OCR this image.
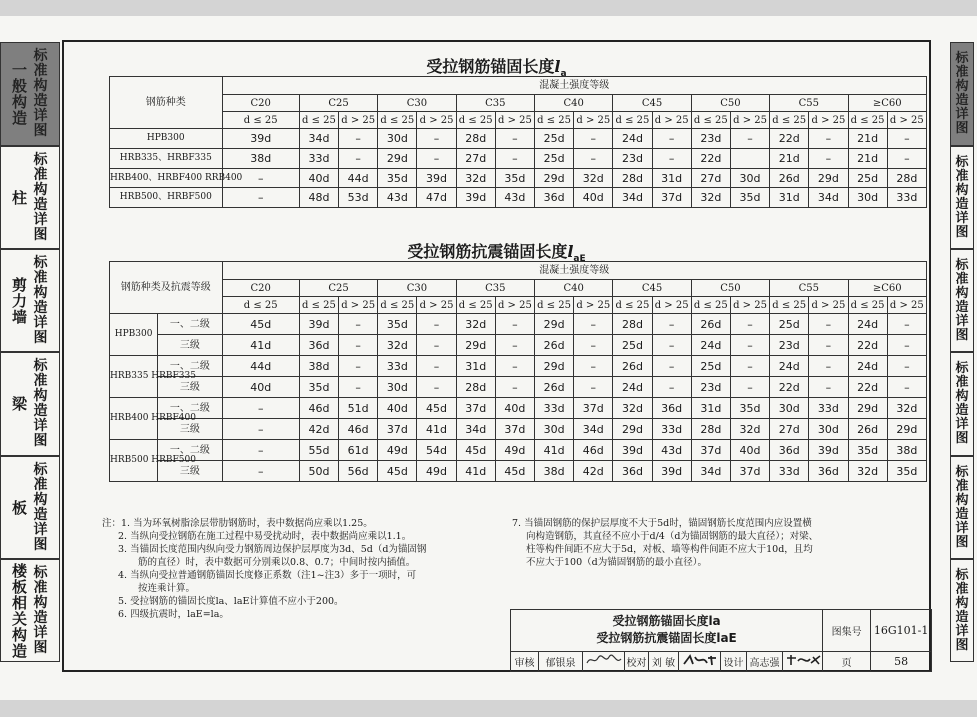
一般构造
标准构造详图
柱
标准构造详图
剪力墙
标准构造详图
梁
标准构造详图
板
标准构造详图
楼板相关构造
标准构造详图
标准构造详图
标准构造详图
标准构造详图
标准构造详图
标准构造详图
标准构造详图
受拉钢筋锚固长度$l_a$
钢筋种类	混凝土强度等级																
	C20	C25		C30		C35		C40		C45		C50		C55		≥C60	
	d ≤ 25	d ≤ 25	d > 25	d ≤ 25	d > 25	d ≤ 25	d > 25	d ≤ 25	d > 25	d ≤ 25	d > 25	d ≤ 25	d > 25	d ≤ 25	d > 25	d ≤ 25	d > 25
HPB300	39d	34d	–	30d	–	28d	–	25d	–	24d	–	23d	–	22d	–	21d	–
HRB335、HRBF335	38d	33d	–	29d	–	27d	–	25d	–	23d	–	22d		21d	–	21d	–
HRB400、HRBF400 RRB400	–	40d	44d	35d	39d	32d	35d	29d	32d	28d	31d	27d	30d	26d	29d	25d	28d
HRB500、HRBF500	–	48d	53d	43d	47d	39d	43d	36d	40d	34d	37d	32d	35d	31d	34d	30d	33d
受拉钢筋抗震锚固长度$l_{aE}$
钢筋种类及抗震等级		混凝土强度等级																
		C20	C25		C30		C35		C40		C45		C50		C55		≥C60	
		d ≤ 25	d ≤ 25	d > 25	d ≤ 25	d > 25	d ≤ 25	d > 25	d ≤ 25	d > 25	d ≤ 25	d > 25	d ≤ 25	d > 25	d ≤ 25	d > 25	d ≤ 25	d > 25
HPB300	一、二级	45d	39d	–	35d	–	32d	–	29d	–	28d	–	26d	–	25d	–	24d	–
	三级	41d	36d	–	32d	–	29d	–	26d	–	25d	–	24d	–	23d	–	22d	–
HRB335 HRBF335	一、二级	44d	38d	–	33d	–	31d	–	29d	–	26d	–	25d	–	24d	–	24d	–
	三级	40d	35d	–	30d	–	28d	–	26d	–	24d	–	23d	–	22d	–	22d	–
HRB400 HRBF400	一、二级	–	46d	51d	40d	45d	37d	40d	33d	37d	32d	36d	31d	35d	30d	33d	29d	32d
	三级	–	42d	46d	37d	41d	34d	37d	30d	34d	29d	33d	28d	32d	27d	30d	26d	29d
HRB500 HRBF500	一、二级	–	55d	61d	49d	54d	45d	49d	41d	46d	39d	43d	37d	40d	36d	39d	35d	38d
	三级	–	50d	56d	45d	49d	41d	45d	38d	42d	36d	39d	34d	37d	33d	36d	32d	35d
注：1. 当为环氧树脂涂层带肋钢筋时，表中数据尚应乘以1.25。
2. 当纵向受拉钢筋在施工过程中易受扰动时，表中数据尚应乘以1.1。
3. 当锚固长度范围内纵向受力钢筋周边保护层厚度为3d、5d（d为锚固钢
筋的直径）时，表中数据可分别乘以0.8、0.7；中间时按内插值。
4. 当纵向受拉普通钢筋锚固长度修正系数（注1~注3）多于一项时，可
按连乘计算。
5. 受拉钢筋的锚固长度la、laE计算值不应小于200。
6. 四级抗震时，laE=la。
7. 当锚固钢筋的保护层厚度不大于5d时，锚固钢筋长度范围内应设置横
向构造钢筋，其直径不应小于d/4（d为锚固钢筋的最大直径）；对梁、
柱等构件间距不应大于5d，对板、墙等构件间距不应大于10d，且均
不应大于100（d为锚固钢筋的最小直径）。
受拉钢筋锚固长度la
受拉钢筋抗震锚固长度laE									图集号	16G101-1
审核	郁银泉		校对	刘 敏		设计	高志强		页	58
